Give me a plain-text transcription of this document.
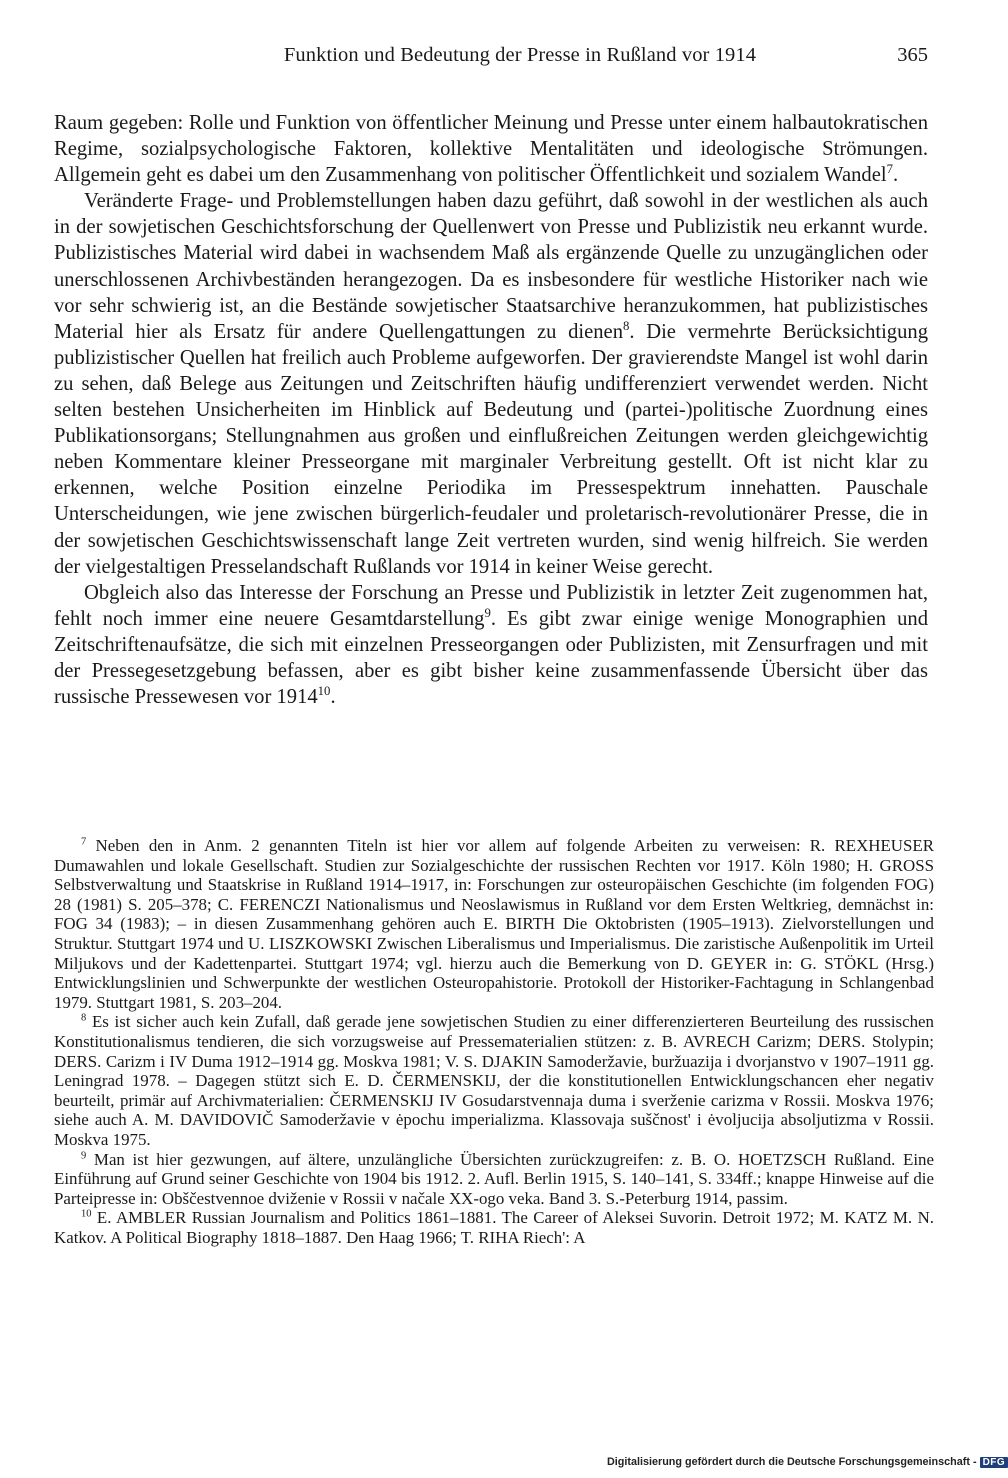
Funktion und Bedeutung der Presse in Rußland vor 1914	365

Raum gegeben: Rolle und Funktion von öffentlicher Meinung und Presse unter einem halbautokratischen Regime, sozialpsychologische Faktoren, kollektive Mentalitäten und ideologische Strömungen. Allgemein geht es dabei um den Zusammenhang von politischer Öffentlichkeit und sozialem Wandel$^7$.

Veränderte Frage- und Problemstellungen haben dazu geführt, daß sowohl in der westlichen als auch in der sowjetischen Geschichtsforschung der Quellenwert von Presse und Publizistik neu erkannt wurde. Publizistisches Material wird dabei in wachsendem Maß als ergänzende Quelle zu unzugänglichen oder unerschlossenen Archivbeständen herangezogen. Da es insbesondere für westliche Historiker nach wie vor sehr schwierig ist, an die Bestände sowjetischer Staatsarchive heranzukommen, hat publizistisches Material hier als Ersatz für andere Quellengattungen zu dienen$^8$. Die vermehrte Berücksichtigung publizistischer Quellen hat freilich auch Probleme aufgeworfen. Der gravierendste Mangel ist wohl darin zu sehen, daß Belege aus Zeitungen und Zeitschriften häufig undifferenziert verwendet werden. Nicht selten bestehen Unsicherheiten im Hinblick auf Bedeutung und (partei-)politische Zuordnung eines Publikationsorgans; Stellungnahmen aus großen und einflußreichen Zeitungen werden gleichgewichtig neben Kommentare kleiner Presseorgane mit marginaler Verbreitung gestellt. Oft ist nicht klar zu erkennen, welche Position einzelne Periodika im Pressespektrum innehatten. Pauschale Unterscheidungen, wie jene zwischen bürgerlich-feudaler und proletarisch-revolutionärer Presse, die in der sowjetischen Geschichtswissenschaft lange Zeit vertreten wurden, sind wenig hilfreich. Sie werden der vielgestaltigen Presselandschaft Rußlands vor 1914 in keiner Weise gerecht.

Obgleich also das Interesse der Forschung an Presse und Publizistik in letzter Zeit zugenommen hat, fehlt noch immer eine neuere Gesamtdarstellung$^9$. Es gibt zwar einige wenige Monographien und Zeitschriftenaufsätze, die sich mit einzelnen Presseorgangen oder Publizisten, mit Zensurfragen und mit der Pressegesetzgebung befassen, aber es gibt bisher keine zusammenfassende Übersicht über das russische Pressewesen vor 1914$^{10}$.

$^7$ Neben den in Anm. 2 genannten Titeln ist hier vor allem auf folgende Arbeiten zu verweisen: R. REXHEUSER Dumawahlen und lokale Gesellschaft. Studien zur Sozialgeschichte der russischen Rechten vor 1917. Köln 1980; H. GROSS Selbstverwaltung und Staatskrise in Rußland 1914–1917, in: Forschungen zur osteuropäischen Geschichte (im folgenden FOG) 28 (1981) S. 205–378; C. FERENCZI Nationalismus und Neoslawismus in Rußland vor dem Ersten Weltkrieg, demnächst in: FOG 34 (1983); – in diesen Zusammenhang gehören auch E. BIRTH Die Oktobristen (1905–1913). Zielvorstellungen und Struktur. Stuttgart 1974 und U. LISZKOWSKI Zwischen Liberalismus und Imperialismus. Die zaristische Außenpolitik im Urteil Miljukovs und der Kadettenpartei. Stuttgart 1974; vgl. hierzu auch die Bemerkung von D. GEYER in: G. STÖKL (Hrsg.) Entwicklungslinien und Schwerpunkte der westlichen Osteuropahistorie. Protokoll der Historiker-Fachtagung in Schlangenbad 1979. Stuttgart 1981, S. 203–204.

$^8$ Es ist sicher auch kein Zufall, daß gerade jene sowjetischen Studien zu einer differenzierteren Beurteilung des russischen Konstitutionalismus tendieren, die sich vorzugsweise auf Pressematerialien stützen: z. B. AVRECH Carizm; DERS. Stolypin; DERS. Carizm i IV Duma 1912–1914 gg. Moskva 1981; V. S. DJAKIN Samoderžavie, buržuazija i dvorjanstvo v 1907–1911 gg. Leningrad 1978. – Dagegen stützt sich E. D. ČERMENSKIJ, der die konstitutionellen Entwicklungschancen eher negativ beurteilt, primär auf Archivmaterialien: ČERMENSKIJ IV Gosudarstvennaja duma i sverženie carizma v Rossii. Moskva 1976; siehe auch A. M. DAVIDOVIČ Samoderžavie v ėpochu imperializma. Klassovaja suščnost' i ėvoljucija absoljutizma v Rossii. Moskva 1975.

$^9$ Man ist hier gezwungen, auf ältere, unzulängliche Übersichten zurückzugreifen: z. B. O. HOETZSCH Rußland. Eine Einführung auf Grund seiner Geschichte von 1904 bis 1912. 2. Aufl. Berlin 1915, S. 140–141, S. 334ff.; knappe Hinweise auf die Parteipresse in: Obščestvennoe dviženie v Rossii v načale XX-ogo veka. Band 3. S.-Peterburg 1914, passim.

$^{10}$ E. AMBLER Russian Journalism and Politics 1861–1881. The Career of Aleksei Suvorin. Detroit 1972; M. KATZ M. N. Katkov. A Political Biography 1818–1887. Den Haag 1966; T. RIHA Riech': A

Digitalisierung gefördert durch die Deutsche Forschungsgemeinschaft - DFG
